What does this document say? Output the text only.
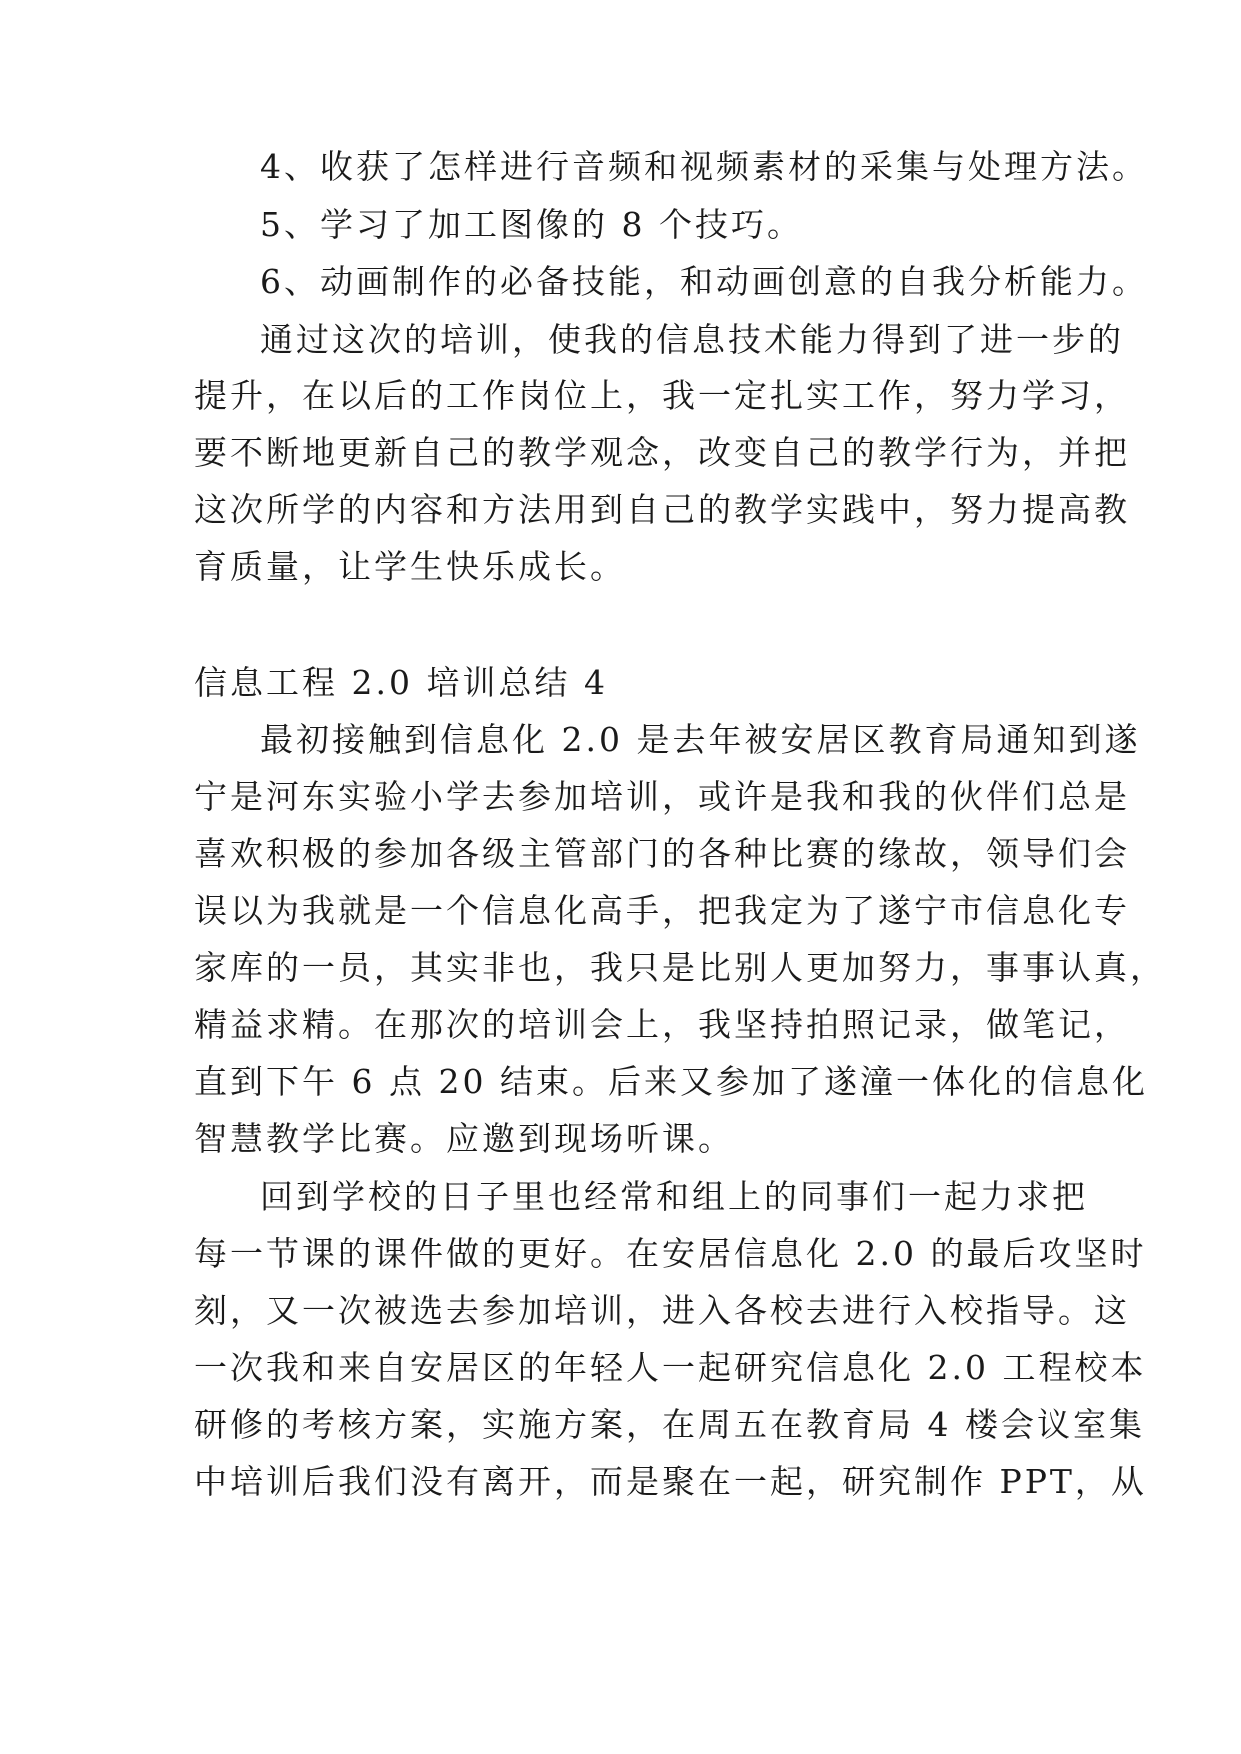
4、收获了怎样进行音频和视频素材的采集与处理方法。
5、学习了加工图像的 8 个技巧。
6、动画制作的必备技能，和动画创意的自我分析能力。
通过这次的培训，使我的信息技术能力得到了进一步的
提升，在以后的工作岗位上，我一定扎实工作，努力学习，
要不断地更新自己的教学观念，改变自己的教学行为，并把
这次所学的内容和方法用到自己的教学实践中，努力提高教
育质量，让学生快乐成长。
信息工程 2.0 培训总结 4
最初接触到信息化 2.0 是去年被安居区教育局通知到遂
宁是河东实验小学去参加培训，或许是我和我的伙伴们总是
喜欢积极的参加各级主管部门的各种比赛的缘故，领导们会
误以为我就是一个信息化高手，把我定为了遂宁市信息化专
家库的一员，其实非也，我只是比别人更加努力，事事认真，
精益求精。在那次的培训会上，我坚持拍照记录，做笔记，
直到下午 6 点 20 结束。后来又参加了遂潼一体化的信息化
智慧教学比赛。应邀到现场听课。
回到学校的日子里也经常和组上的同事们一起力求把
每一节课的课件做的更好。在安居信息化 2.0 的最后攻坚时
刻，又一次被选去参加培训，进入各校去进行入校指导。这
一次我和来自安居区的年轻人一起研究信息化 2.0 工程校本
研修的考核方案，实施方案，在周五在教育局 4 楼会议室集
中培训后我们没有离开，而是聚在一起，研究制作 PPT，从
